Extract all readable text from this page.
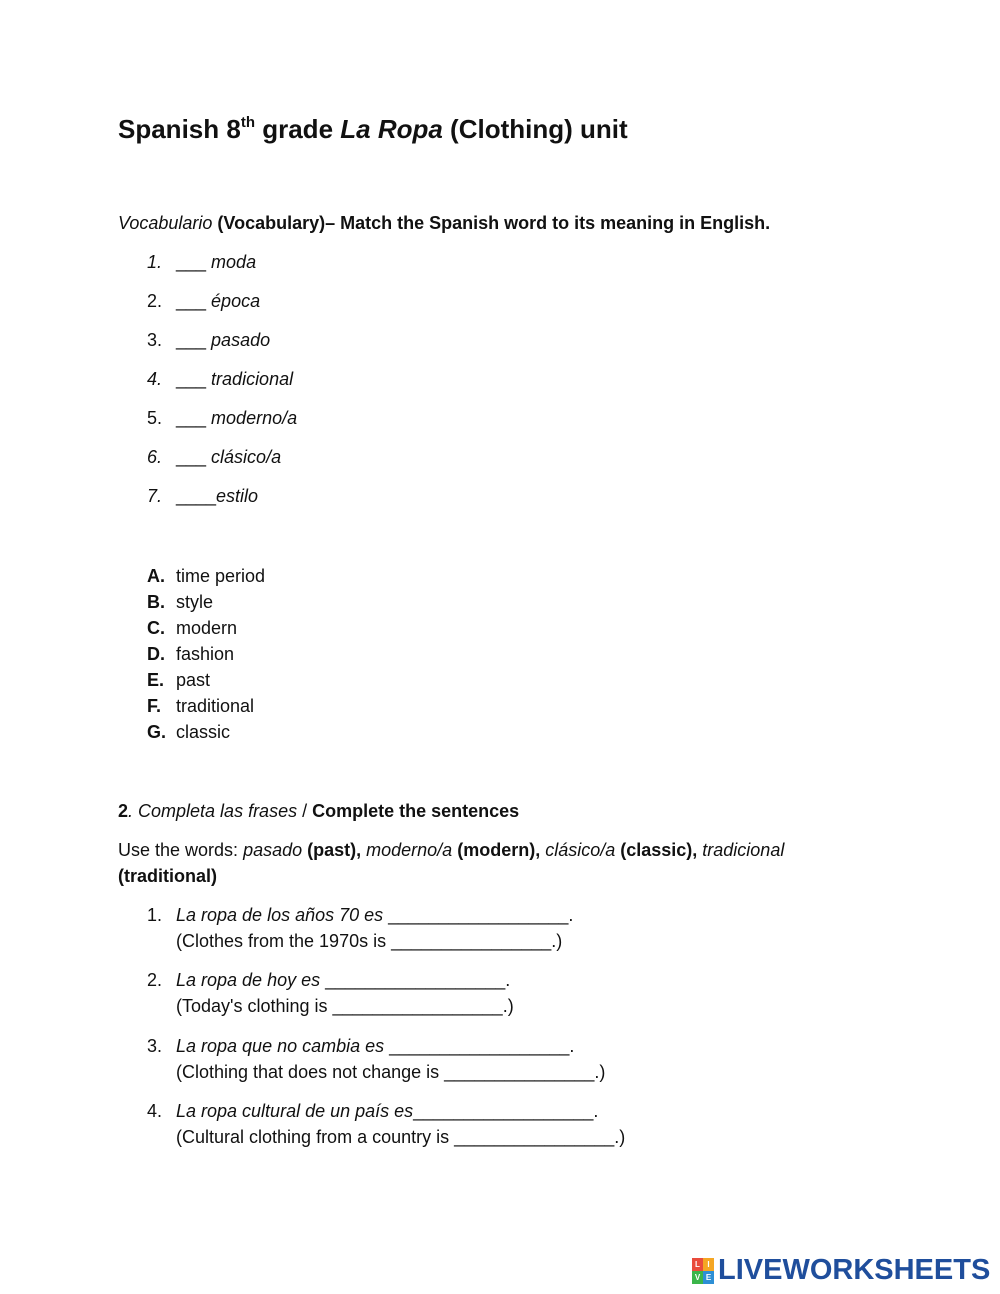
Spanish 8th grade La Ropa (Clothing) unit
Vocabulario (Vocabulary)– Match the Spanish word to its meaning in English.
1. ___ moda
2. ___ época
3. ___ pasado
4. ___ tradicional
5. ___ moderno/a
6. ___ clásico/a
7. ____estilo
A. time period
B. style
C. modern
D. fashion
E. past
F. traditional
G. classic
2. Completa las frases / Complete the sentences
Use the words: pasado (past), moderno/a (modern), clásico/a (classic), tradicional
(traditional)
1. La ropa de los años 70 es __________________.
(Clothes from the 1970s is ________________.)
2. La ropa de hoy es __________________.
(Today's clothing is _________________.)
3. La ropa que no cambia es __________________.
(Clothing that does not change is _______________.)
4. La ropa cultural de un país es__________________.
(Cultural clothing from a country is ________________.)
L I
V E LIVEWORKSHEETS
